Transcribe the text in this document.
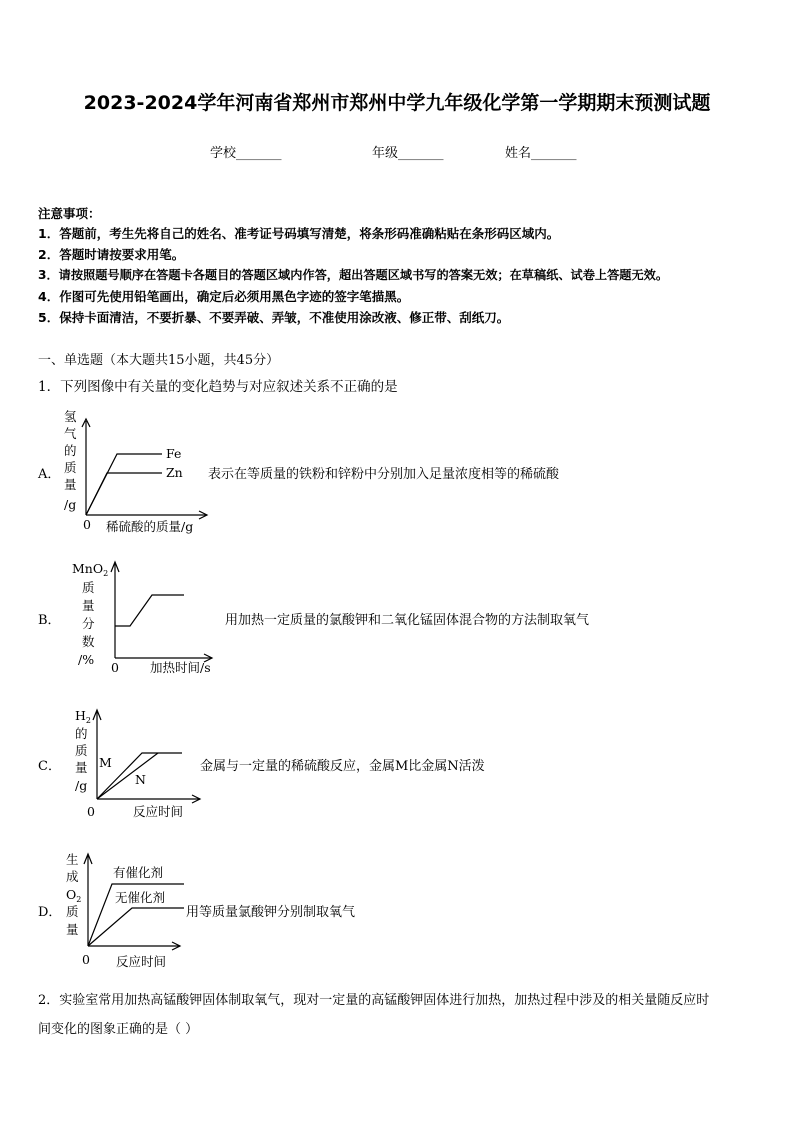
2023-2024学年河南省郑州市郑州中学九年级化学第一学期期末预测试题
学校_______	年级_______	姓名_______
注意事项：
1．答题前，考生先将自己的姓名、准考证号码填写清楚，将条形码准确粘贴在条形码区域内。
2．答题时请按要求用笔。
3．请按照题号顺序在答题卡各题目的答题区域内作答，超出答题区域书写的答案无效；在草稿纸、试卷上答题无效。
4．作图可先使用铅笔画出，确定后必须用黑色字迹的签字笔描黑。
5．保持卡面清洁，不要折暴、不要弄破、弄皱，不准使用涂改液、修正带、刮纸刀。
一、单选题（本大题共15小题，共45分）
1．下列图像中有关量的变化趋势与对应叙述关系不正确的是
A．
氢
气
的
质
量
/g
Fe
Zn
0 稀硫酸的质量/g
表示在等质量的铁粉和锌粉中分别加入足量浓度相等的稀硫酸
B．
MnO$_2$
质
量
分
数
/%
0 加热时间/s
用加热一定质量的氯酸钾和二氧化锰固体混合物的方法制取氧气
C．
$H_2$
的
质
量
/g
M
N
0	反应时间
金属与一定量的稀硫酸反应，金属M比金属N活泼
D．
生
成
$O_2$
质
量
有催化剂
无催化剂
0 反应时间
用等质量氯酸钾分别制取氧气
2．实验室常用加热高锰酸钾固体制取氧气，现对一定量的高锰酸钾固体进行加热，加热过程中涉及的相关量随反应时
间变化的图象正确的是（ ）
